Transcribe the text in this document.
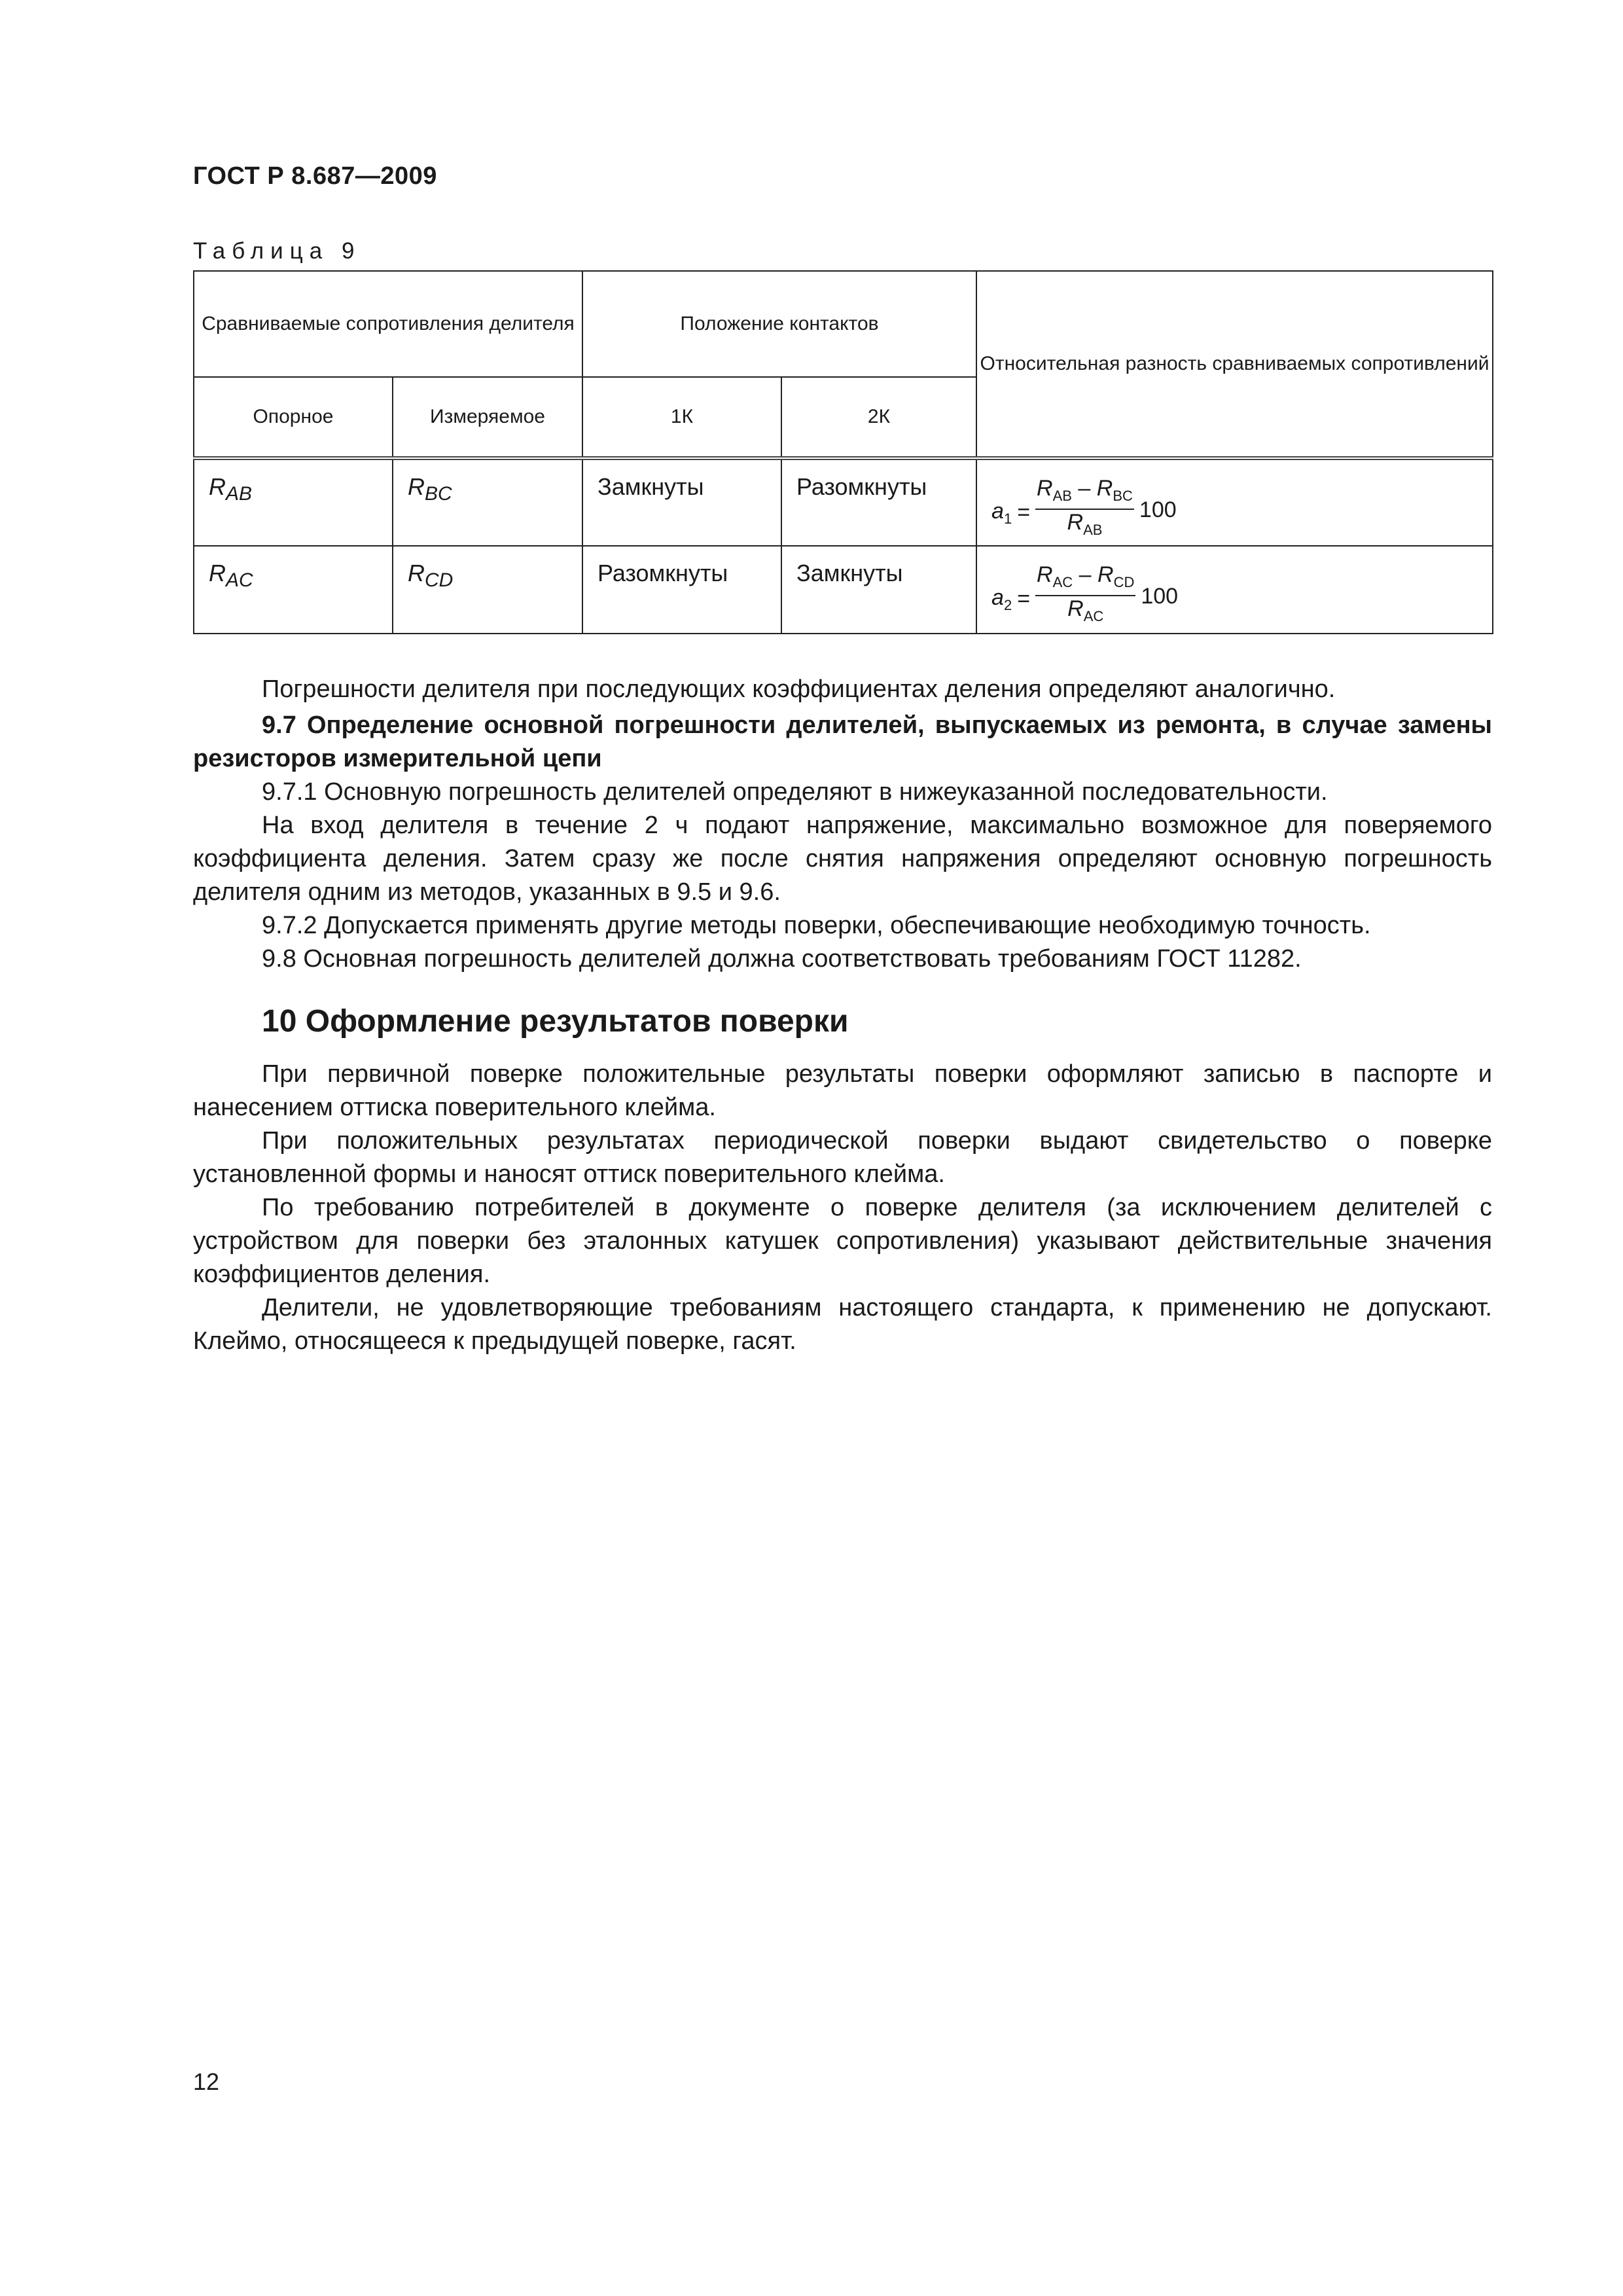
ГОСТ Р 8.687—2009
Таблица 9
Сравниваемые сопротивления делителя		Положение контактов		Относительная разность сравниваемых сопротивлений
Опорное	Измеряемое	1К	2К	
$R_{AB}$	$R_{BC}$	Замкнуты	Разомкнуты	$a_1 = \frac{R_{AB} - R_{BC}}{R_{AB}} 100$

$R_{AC}$	$R_{CD}$	Разомкнуты	Замкнуты	$a_2 = \frac{R_{AC} - R_{CD}}{R_{AC}} 100$

Погрешности делителя при последующих коэффициентах деления определяют аналогично.

9.7 Определение основной погрешности делителей, выпускаемых из ремонта, в случае замены резисторов измерительной цепи

9.7.1 Основную погрешность делителей определяют в нижеуказанной последовательности.

На вход делителя в течение 2 ч подают напряжение, максимально возможное для поверяемого коэффициента деления. Затем сразу же после снятия напряжения определяют основную погрешность делителя одним из методов, указанных в 9.5 и 9.6.

9.7.2 Допускается применять другие методы поверки, обеспечивающие необходимую точность.

9.8 Основная погрешность делителей должна соответствовать требованиям ГОСТ 11282.

10 Оформление результатов поверки

При первичной поверке положительные результаты поверки оформляют записью в паспорте и нанесением оттиска поверительного клейма.

При положительных результатах периодической поверки выдают свидетельство о поверке установленной формы и наносят оттиск поверительного клейма.

По требованию потребителей в документе о поверке делителя (за исключением делителей с устройством для поверки без эталонных катушек сопротивления) указывают действительные значения коэффициентов деления.

Делители, не удовлетворяющие требованиям настоящего стандарта, к применению не допускают. Клеймо, относящееся к предыдущей поверке, гасят.

12
